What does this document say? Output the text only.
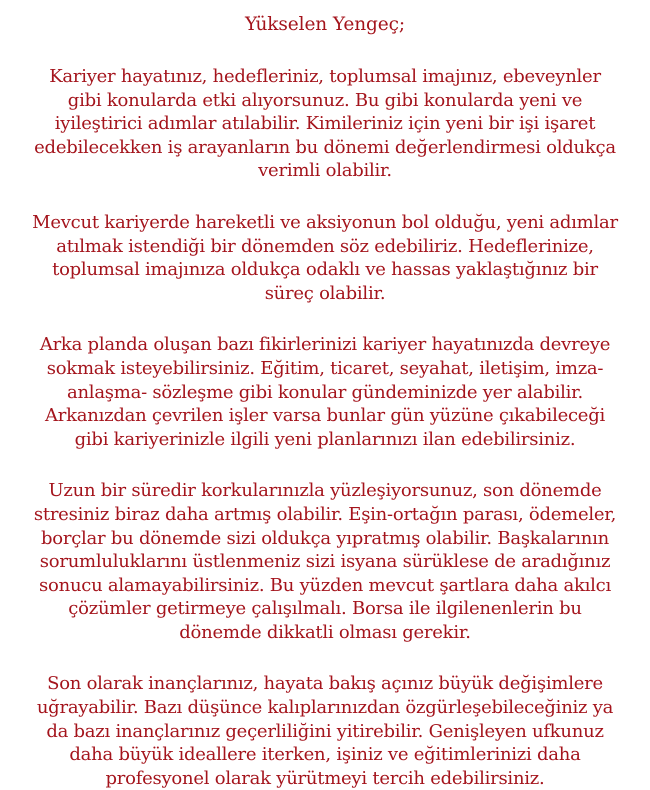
Yükselen Yengeç;

Kariyer hayatınız, hedefleriniz, toplumsal imajınız, ebeveynler
gibi konularda etki alıyorsunuz. Bu gibi konularda yeni ve
iyileştirici adımlar atılabilir. Kimileriniz için yeni bir işi işaret
edebilecekken iş arayanların bu dönemi değerlendirmesi oldukça
verimli olabilir.

Mevcut kariyerde hareketli ve aksiyonun bol olduğu, yeni adımlar
atılmak istendiği bir dönemden söz edebiliriz. Hedeflerinize,
toplumsal imajınıza oldukça odaklı ve hassas yaklaştığınız bir
süreç olabilir.

Arka planda oluşan bazı fikirlerinizi kariyer hayatınızda devreye
sokmak isteyebilirsiniz. Eğitim, ticaret, seyahat, iletişim, imza-
anlaşma- sözleşme gibi konular gündeminizde yer alabilir.
Arkanızdan çevrilen işler varsa bunlar gün yüzüne çıkabileceği
gibi kariyerinizle ilgili yeni planlarınızı ilan edebilirsiniz.

Uzun bir süredir korkularınızla yüzleşiyorsunuz, son dönemde
stresiniz biraz daha artmış olabilir. Eşin-ortağın parası, ödemeler,
borçlar bu dönemde sizi oldukça yıpratmış olabilir. Başkalarının
sorumluluklarını üstlenmeniz sizi isyana sürüklese de aradığınız
sonucu alamayabilirsiniz. Bu yüzden mevcut şartlara daha akılcı
çözümler getirmeye çalışılmalı. Borsa ile ilgilenenlerin bu
dönemde dikkatli olması gerekir.

Son olarak inançlarınız, hayata bakış açınız büyük değişimlere
uğrayabilir. Bazı düşünce kalıplarınızdan özgürleşebileceğiniz ya
da bazı inançlarınız geçerliliğini yitirebilir. Genişleyen ufkunuz
daha büyük ideallere iterken, işiniz ve eğitimlerinizi daha
profesyonel olarak yürütmeyi tercih edebilirsiniz.
